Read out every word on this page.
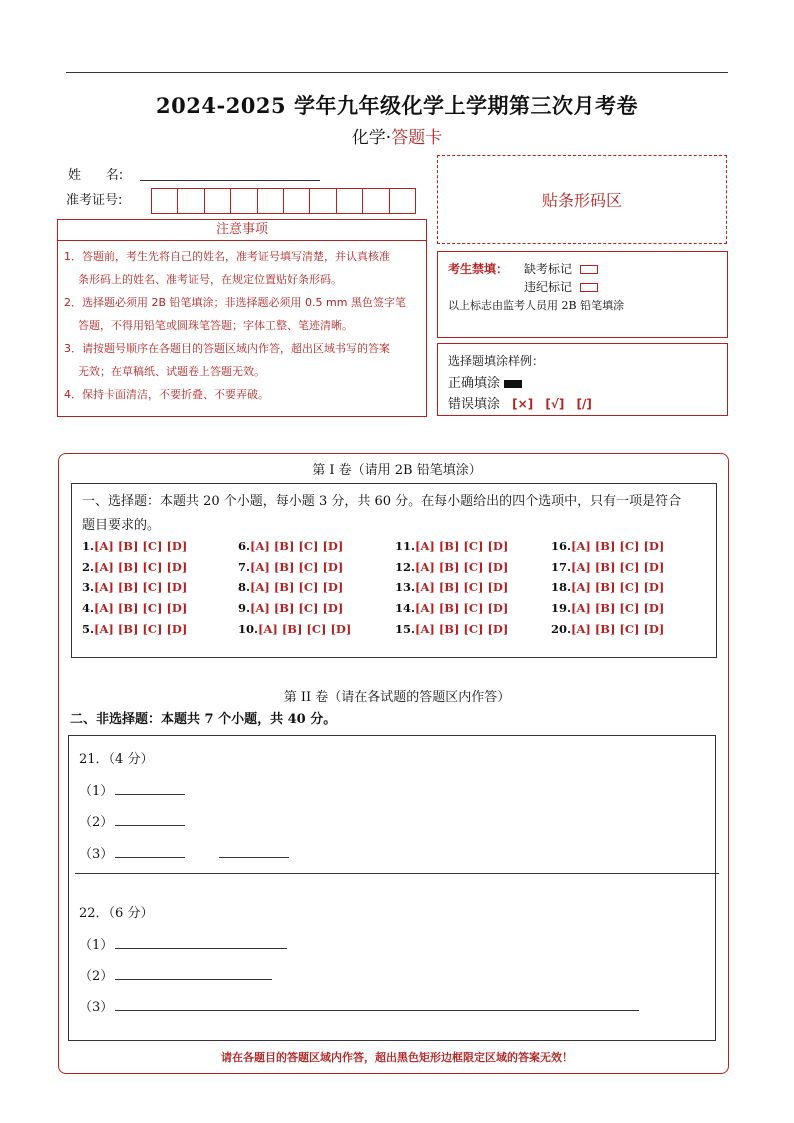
2024-2025 学年九年级化学上学期第三次月考卷
化学·答题卡
姓      名:
准考证号:	贴条形码区
注意事项

1．答题前，考生先将自己的姓名，准考证号填写清楚，并认真核准

条形码上的姓名、准考证号，在规定位置贴好条形码。

2．选择题必须用 2B 铅笔填涂；非选择题必须用 0.5 mm 黑色签字笔

答题，不得用铅笔或圆珠笔答题；字体工整、笔迹清晰。

3．请按题号顺序在各题目的答题区域内作答，超出区域书写的答案

无效；在草稿纸、试题卷上答题无效。

4．保持卡面清洁，不要折叠、不要弄破。

考生禁填： 缺考标记
违纪标记
以上标志由监考人员用 2B 铅笔填涂
选择题填涂样例：
正确填涂
错误填涂 [×] [√] [/]
第 I 卷（请用 2B 铅笔填涂）
一、选择题：本题共 20 个小题，每小题 3 分，共 60 分。在每小题给出的四个选项中，只有一项是符合
题目要求的。
1.[A] [B] [C] [D]
2.[A] [B] [C] [D]
3.[A] [B] [C] [D]
4.[A] [B] [C] [D]
5.[A] [B] [C] [D]
6.[A] [B] [C] [D]
7.[A] [B] [C] [D]
8.[A] [B] [C] [D]
9.[A] [B] [C] [D]
10.[A] [B] [C] [D]
11.[A] [B] [C] [D]
12.[A] [B] [C] [D]
13.[A] [B] [C] [D]
14.[A] [B] [C] [D]
15.[A] [B] [C] [D]
16.[A] [B] [C] [D]
17.[A] [B] [C] [D]
18.[A] [B] [C] [D]
19.[A] [B] [C] [D]
20.[A] [B] [C] [D]
第 II 卷（请在各试题的答题区内作答）
二、非选择题：本题共 7 个小题，共 40 分。
21．（4 分）
（1）
（2）
（3）
22．（6 分）
（1）
（2）
（3）
请在各题目的答题区域内作答，超出黑色矩形边框限定区域的答案无效！
